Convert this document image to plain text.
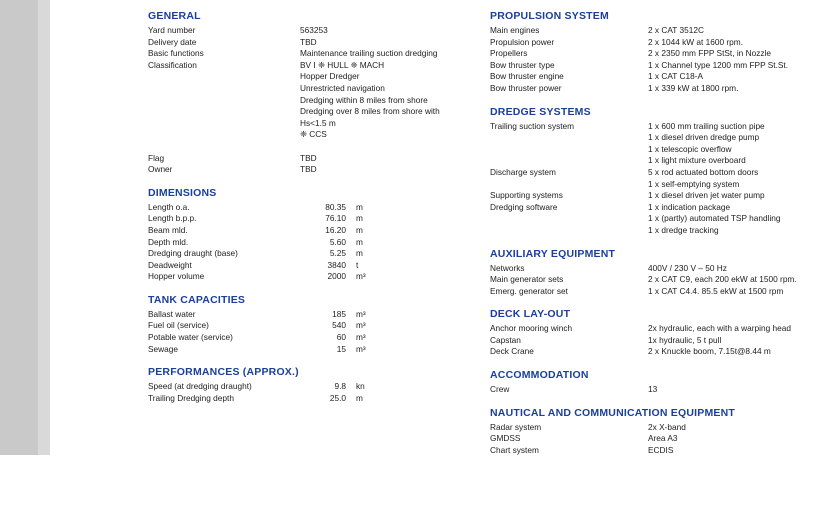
GENERAL
Yard number	563253
Delivery date	TBD
Basic functions	Maintenance trailing suction dredging
Classification	BV I ❈ HULL ❈ MACH

Hopper Dredger

Unrestricted navigation

Dredging within 8 miles from shore

Dredging over 8 miles from shore with

Hs<1.5 m

❈ CCS

Flag	TBD
Owner	TBD
DIMENSIONS
Length o.a.	80.35	m
Length b.p.p.	76.10	m
Beam mld.	16.20	m
Depth mld.	5.60	m
Dredging draught (base)	5.25	m
Deadweight	3840	t
Hopper volume	2000	m³
TANK CAPACITIES
Ballast water	185	m³
Fuel oil (service)	540	m³
Potable water (service)	60	m³
Sewage	15	m³
PERFORMANCES (APPROX.)
Speed (at dredging draught)	9.8	kn
Trailing Dredging depth	25.0	m
PROPULSION SYSTEM
Main engines	2 x CAT 3512C
Propulsion power	2 x 1044 kW at 1600 rpm.
Propellers	2 x 2350 mm FPP StSt, in Nozzle
Bow thruster type	1 x Channel type 1200 mm FPP St.St.
Bow thruster engine	1 x CAT C18-A
Bow thruster power	1 x 339 kW at 1800 rpm.
DREDGE SYSTEMS
Trailing suction system	1 x 600 mm trailing suction pipe

1 x diesel driven dredge pump

1 x telescopic overflow

1 x light mixture overboard
Discharge system	5 x rod actuated bottom doors

1 x self-emptying system
Supporting systems	1 x diesel driven jet water pump
Dredging software	1 x indication package

1 x (partly) automated TSP handling

1 x dredge tracking
AUXILIARY EQUIPMENT
Networks	400V / 230 V – 50 Hz
Main generator sets	2 x CAT C9, each 200 ekW at 1500 rpm.
Emerg. generator set	1 x CAT C4.4. 85.5 ekW at 1500 rpm
DECK LAY-OUT
Anchor mooring winch	2x hydraulic, each with a warping head
Capstan	1x hydraulic, 5 t pull
Deck Crane	2 x Knuckle boom, 7.15t@8.44 m
ACCOMMODATION
Crew	13
NAUTICAL AND COMMUNICATION EQUIPMENT
Radar system	2x X-band
GMDSS	Area A3
Chart system	ECDIS
